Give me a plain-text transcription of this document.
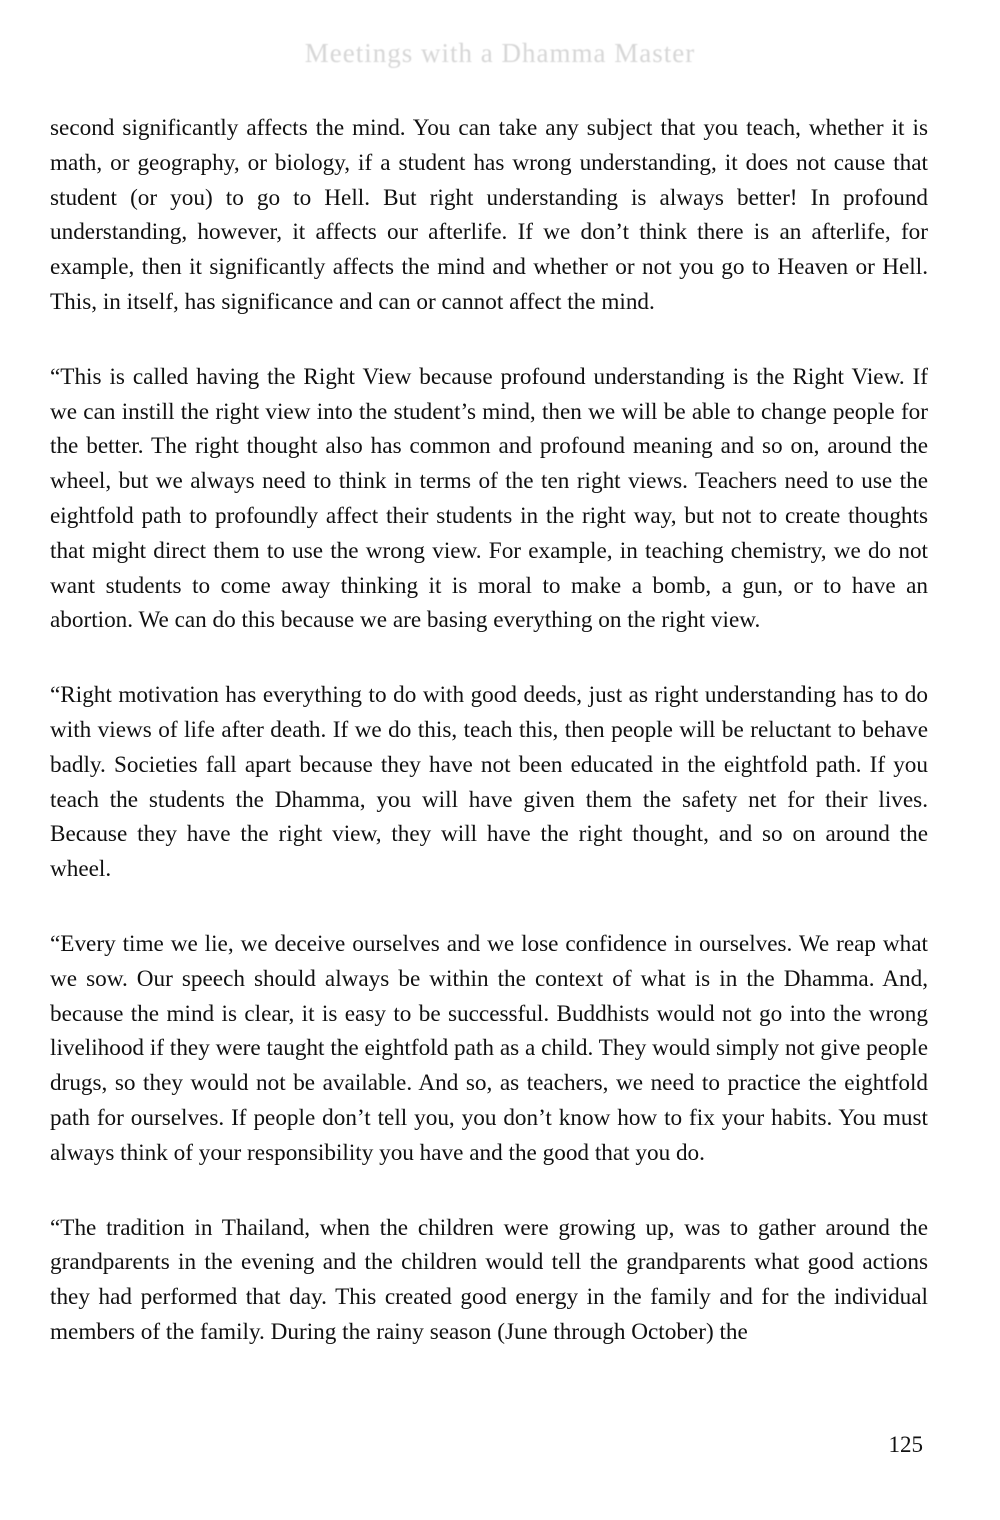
Meetings with a Dhamma Master

second significantly affects the mind. You can take any subject that you teach, whether it is math, or geography, or biology, if a student has wrong understanding, it does not cause that student (or you) to go to Hell. But right understanding is always better! In profound understanding, however, it affects our afterlife. If we don’t think there is an afterlife, for example, then it significantly affects the mind and whether or not you go to Heaven or Hell. This, in itself, has significance and can or cannot affect the mind.

“This is called having the Right View because profound understanding is the Right View. If we can instill the right view into the student’s mind, then we will be able to change people for the better. The right thought also has common and profound meaning and so on, around the wheel, but we always need to think in terms of the ten right views. Teachers need to use the eightfold path to profoundly affect their students in the right way, but not to create thoughts that might direct them to use the wrong view. For example, in teaching chemistry, we do not want students to come away thinking it is moral to make a bomb, a gun, or to have an abortion. We can do this because we are basing everything on the right view.

“Right motivation has everything to do with good deeds, just as right understanding has to do with views of life after death. If we do this, teach this, then people will be reluctant to behave badly. Societies fall apart because they have not been educated in the eightfold path. If you teach the students the Dhamma, you will have given them the safety net for their lives. Because they have the right view, they will have the right thought, and so on around the wheel.

“Every time we lie, we deceive ourselves and we lose confidence in ourselves. We reap what we sow. Our speech should always be within the context of what is in the Dhamma. And, because the mind is clear, it is easy to be successful. Buddhists would not go into the wrong livelihood if they were taught the eightfold path as a child. They would simply not give people drugs, so they would not be available. And so, as teachers, we need to practice the eightfold path for ourselves. If people don’t tell you, you don’t know how to fix your habits. You must always think of your responsibility you have and the good that you do.

“The tradition in Thailand, when the children were growing up, was to gather around the grandparents in the evening and the children would tell the grandparents what good actions they had performed that day. This created good energy in the family and for the individual members of the family. During the rainy season (June through October) the

125
